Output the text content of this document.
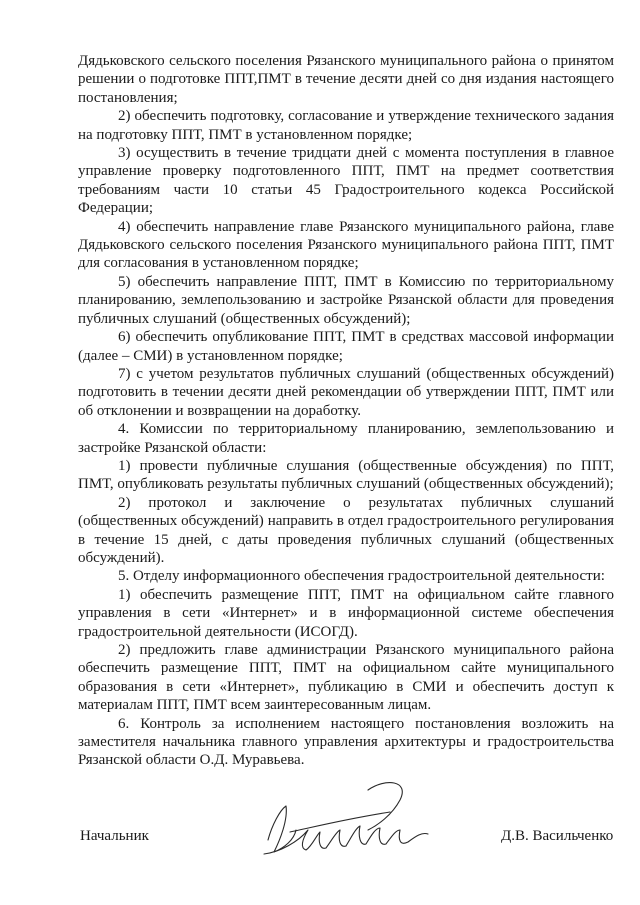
Дядьковского сельского поселения Рязанского муниципального района о принятом решении о подготовке ППТ,ПМТ в течение десяти дней со дня издания настоящего постановления;

2) обеспечить подготовку, согласование и утверждение технического задания на подготовку ППТ, ПМТ в установленном порядке;

3) осуществить в течение тридцати дней с момента поступления в главное управление проверку подготовленного ППТ, ПМТ на предмет соответствия требованиям части 10 статьи 45 Градостроительного кодекса Российской Федерации;

4) обеспечить направление главе Рязанского муниципального района, главе Дядьковского сельского поселения Рязанского муниципального района ППТ, ПМТ для согласования в установленном порядке;

5) обеспечить направление ППТ, ПМТ в Комиссию по территориальному планированию, землепользованию и застройке Рязанской области для проведения публичных слушаний (общественных обсуждений);

6) обеспечить опубликование ППТ, ПМТ в средствах массовой информации (далее – СМИ) в установленном порядке;

7) с учетом результатов публичных слушаний (общественных обсуждений) подготовить в течении десяти дней рекомендации об утверждении ППТ, ПМТ или об отклонении и возвращении на доработку.

4. Комиссии по территориальному планированию, землепользованию и застройке Рязанской области:

1) провести публичные слушания (общественные обсуждения) по ППТ, ПМТ, опубликовать результаты публичных слушаний (общественных обсуждений);

2) протокол и заключение о результатах публичных слушаний (общественных обсуждений) направить в отдел градостроительного регулирования в течение 15 дней, с даты проведения публичных слушаний (общественных обсуждений).

5. Отделу информационного обеспечения градостроительной деятельности:

1) обеспечить размещение ППТ, ПМТ на официальном сайте главного управления в сети «Интернет» и в информационной системе обеспечения градостроительной деятельности (ИСОГД).

2) предложить главе администрации Рязанского муниципального района обеспечить размещение ППТ, ПМТ на официальном сайте муниципального образования в сети «Интернет», публикацию в СМИ и обеспечить доступ к материалам ППТ, ПМТ всем заинтересованным лицам.

6. Контроль за исполнением настоящего постановления возложить на заместителя начальника главного управления архитектуры и градостроительства Рязанской области О.Д. Муравьева.

Начальник	Д.В. Васильченко
